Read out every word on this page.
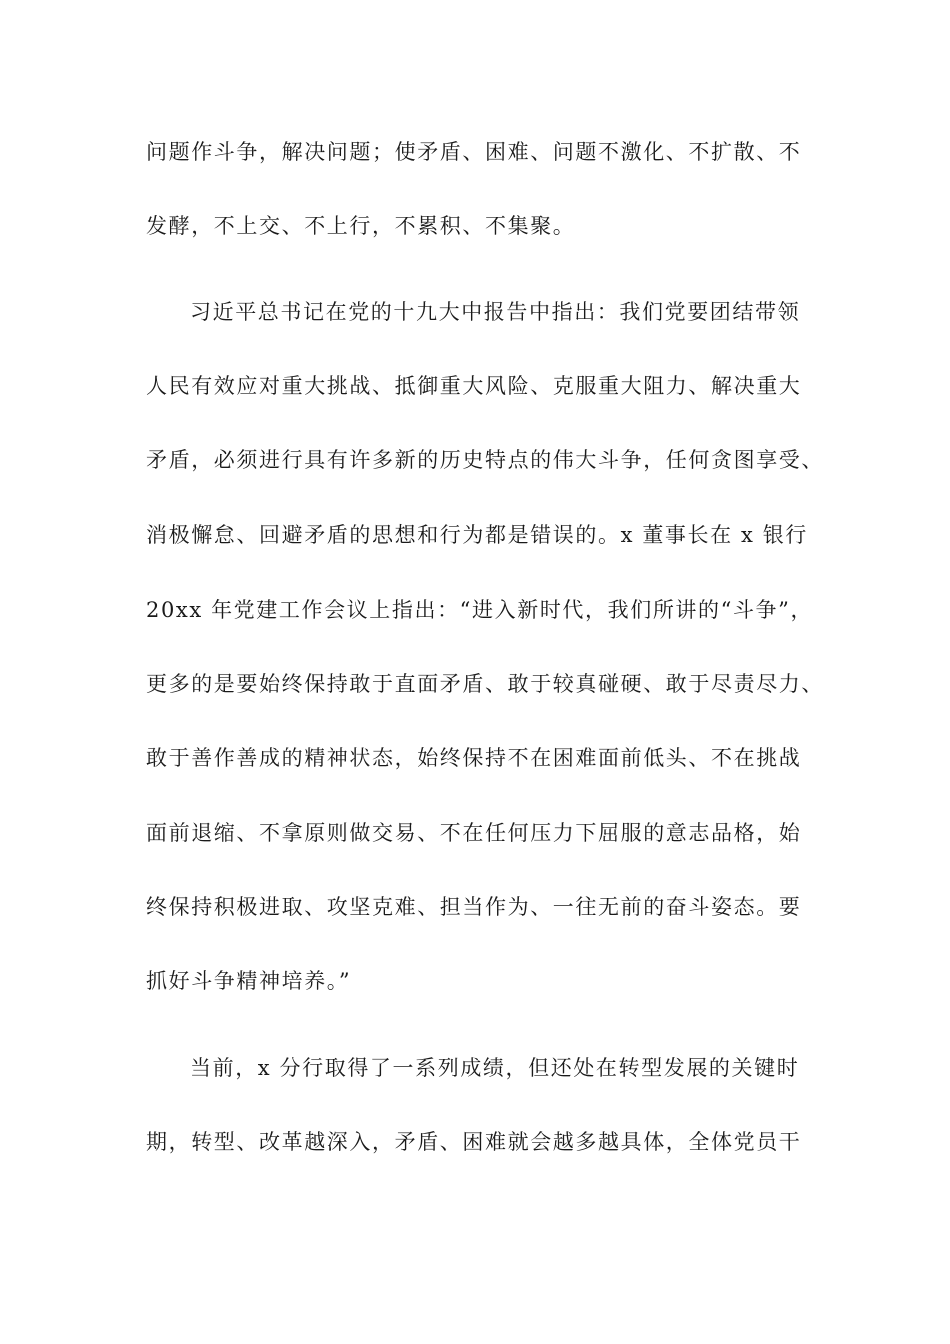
问题作斗争，解决问题；使矛盾、困难、问题不激化、不扩散、不
发酵，不上交、不上行，不累积、不集聚。
习近平总书记在党的十九大中报告中指出：我们党要团结带领
人民有效应对重大挑战、抵御重大风险、克服重大阻力、解决重大
矛盾，必须进行具有许多新的历史特点的伟大斗争，任何贪图享受、
消极懈怠、回避矛盾的思想和行为都是错误的。x 董事长在 x 银行
20xx 年党建工作会议上指出：“进入新时代，我们所讲的“斗争”，
更多的是要始终保持敢于直面矛盾、敢于较真碰硬、敢于尽责尽力、
敢于善作善成的精神状态，始终保持不在困难面前低头、不在挑战
面前退缩、不拿原则做交易、不在任何压力下屈服的意志品格，始
终保持积极进取、攻坚克难、担当作为、一往无前的奋斗姿态。要
抓好斗争精神培养。”
当前，x 分行取得了一系列成绩，但还处在转型发展的关键时
期，转型、改革越深入，矛盾、困难就会越多越具体，全体党员干
